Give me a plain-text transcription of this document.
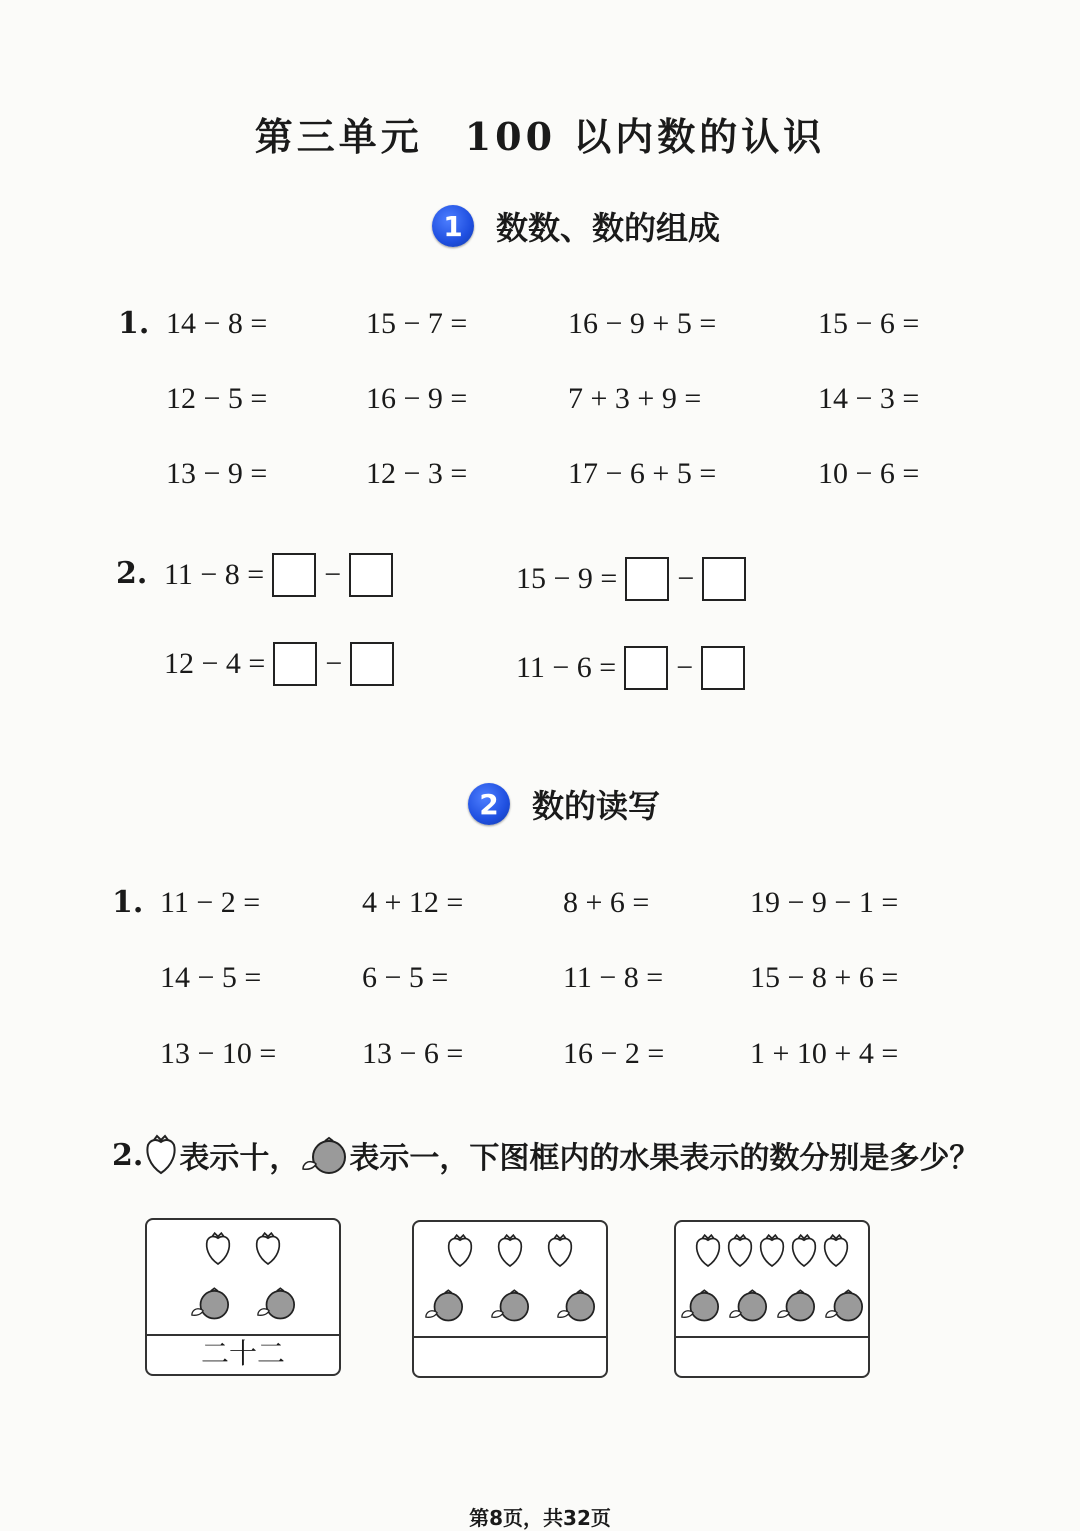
第三单元　100 以内数的认识
1	数数、数的组成
1. 14 − 8 =	15 − 7 =	16 − 9 + 5 =	15 − 6 =
12 − 5 =	16 − 9 =	7 + 3 + 9 =	14 − 3 =
13 − 9 =	12 − 3 =	17 − 6 + 5 =	10 − 6 =
2. 11 − 8 = −	15 − 9 = −
12 − 4 = −	11 − 6 = −
2	数的读写
1. 11 − 2 =	4 + 12 =	8 + 6 =	19 − 9 − 1 =
14 − 5 =	6 − 5 =	11 − 8 =	15 − 8 + 6 =
13 − 10 =	13 − 6 =	16 − 2 =	1 + 10 + 4 =
2. 表示十， 表示一，下图框内的水果表示的数分别是多少？
二十二
第8页，共32页
